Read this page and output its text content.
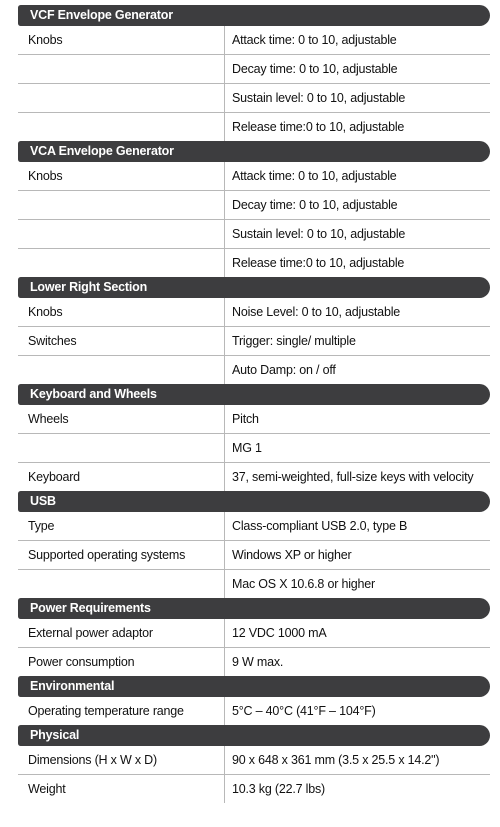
VCF Envelope Generator
Knobs	Attack time: 0 to 10, adjustable
Decay time: 0 to 10, adjustable
Sustain level: 0 to 10, adjustable
Release time:0 to 10, adjustable
VCA Envelope Generator
Knobs	Attack time: 0 to 10, adjustable
Decay time: 0 to 10, adjustable
Sustain level: 0 to 10, adjustable
Release time:0 to 10, adjustable
Lower Right Section
Knobs	Noise Level: 0 to 10, adjustable
Switches	Trigger: single/ multiple
Auto Damp: on / off
Keyboard and Wheels
Wheels	Pitch
MG 1
Keyboard	37, semi-weighted, full-size keys with velocity
USB
Type	Class-compliant USB 2.0, type B
Supported operating systems	Windows XP or higher
Mac OS X 10.6.8 or higher
Power Requirements
External power adaptor	12 VDC 1000 mA
Power consumption	9 W max.
Environmental
Operating temperature range	5°C – 40°C (41°F – 104°F)
Physical
Dimensions (H x W x D)	90 x 648 x 361 mm (3.5 x 25.5 x 14.2")
Weight	10.3 kg (22.7 lbs)
